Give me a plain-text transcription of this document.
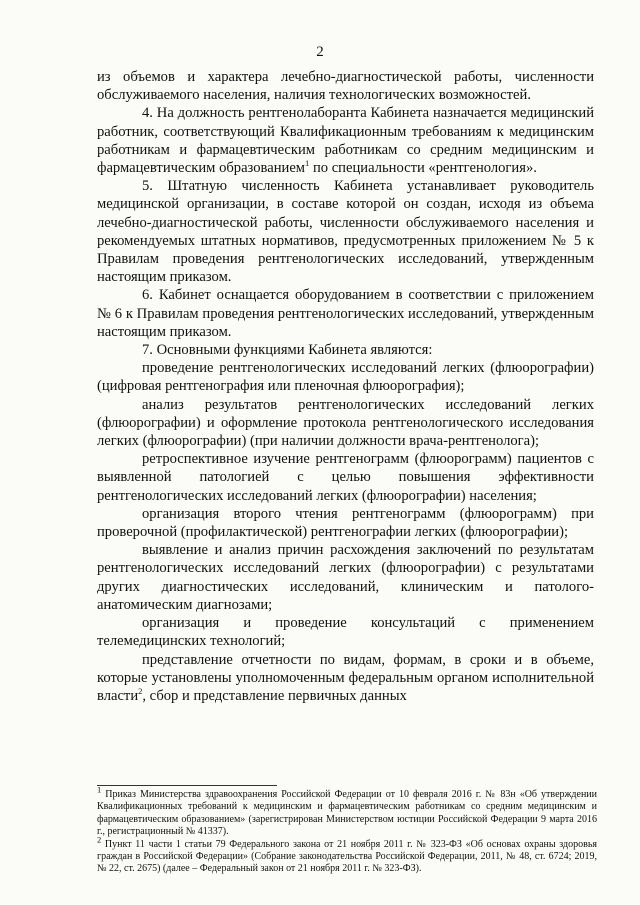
2

из объемов и характера лечебно-диагностической работы, численности обслуживаемого населения, наличия технологических возможностей.

4. На должность рентгенолаборанта Кабинета назначается медицинский работник, соответствующий Квалификационным требованиям к медицинским работникам и фармацевтическим работникам со средним медицинским и фармацевтическим образованием$^1$ по специальности «рентгенология».

5. Штатную численность Кабинета устанавливает руководитель медицинской организации, в составе которой он создан, исходя из объема лечебно-диагностической работы, численности обслуживаемого населения и рекомендуемых штатных нормативов, предусмотренных приложением № 5 к Правилам проведения рентгенологических исследований, утвержденным настоящим приказом.

6. Кабинет оснащается оборудованием в соответствии с приложением № 6 к Правилам проведения рентгенологических исследований, утвержденным настоящим приказом.

7. Основными функциями Кабинета являются:

проведение рентгенологических исследований легких (флюорографии) (цифровая рентгенография или пленочная флюорография);

анализ результатов рентгенологических исследований легких (флюорографии) и оформление протокола рентгенологического исследования легких (флюорографии) (при наличии должности врача-рентгенолога);

ретроспективное изучение рентгенограмм (флюорограмм) пациентов с выявленной патологией с целью повышения эффективности рентгенологических исследований легких (флюорографии) населения;

организация второго чтения рентгенограмм (флюорограмм) при проверочной (профилактической) рентгенографии легких (флюорографии);

выявление и анализ причин расхождения заключений по результатам рентгенологических исследований легких (флюорографии) с результатами других диагностических исследований, клиническим и патолого-анатомическим диагнозами;

организация и проведение консультаций с применением телемедицинских технологий;

представление отчетности по видам, формам, в сроки и в объеме, которые установлены уполномоченным федеральным органом исполнительной власти$^2$, сбор и представление первичных данных

$^1$ Приказ Министерства здравоохранения Российской Федерации от 10 февраля 2016 г. № 83н «Об утверждении Квалификационных требований к медицинским и фармацевтическим работникам со средним медицинским и фармацевтическим образованием» (зарегистрирован Министерством юстиции Российской Федерации 9 марта 2016 г., регистрационный № 41337).

$^2$ Пункт 11 части 1 статьи 79 Федерального закона от 21 ноября 2011 г. № 323-ФЗ «Об основах охраны здоровья граждан в Российской Федерации» (Собрание законодательства Российской Федерации, 2011, № 48, ст. 6724; 2019, № 22, ст. 2675) (далее – Федеральный закон от 21 ноября 2011 г. № 323-ФЗ).
